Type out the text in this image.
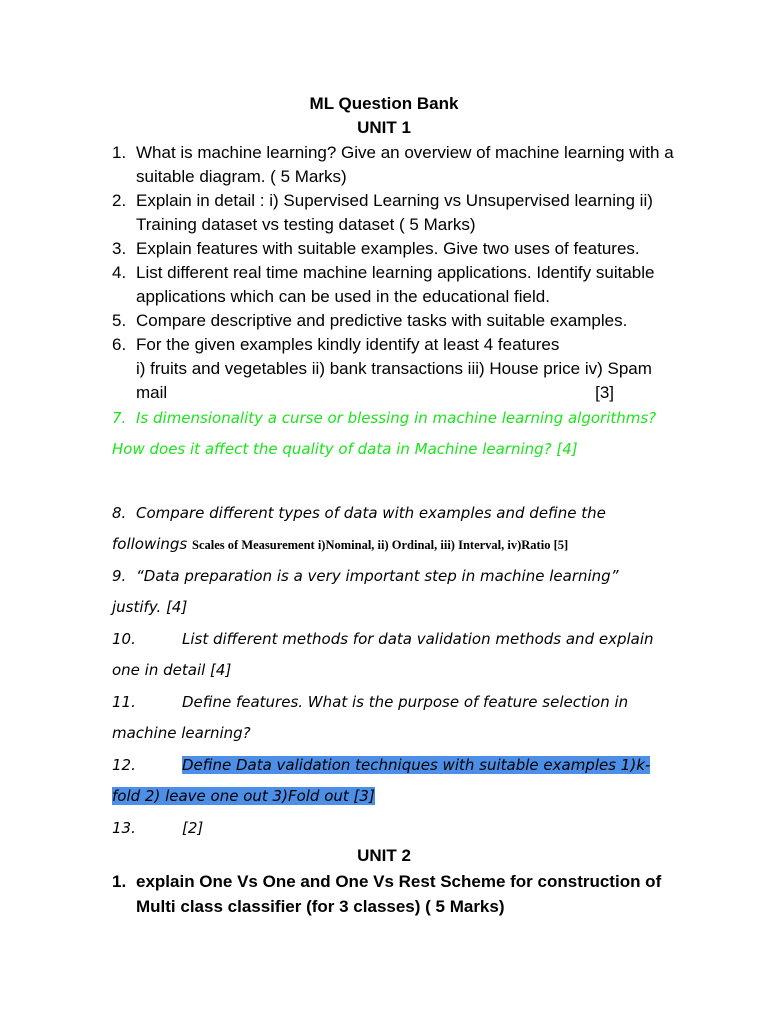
ML Question Bank
UNIT 1
1. What is machine learning? Give an overview of machine learning with a suitable diagram. ( 5 Marks)
2. Explain in detail : i) Supervised Learning vs Unsupervised learning ii) Training dataset vs testing dataset ( 5 Marks)
3. Explain features with suitable examples. Give two uses of features.
4. List different real time machine learning applications. Identify suitable applications which can be used in the educational field.
5. Compare descriptive and predictive tasks with suitable examples.
6. For the given examples kindly identify at least 4 features
i) fruits and vegetables ii) bank transactions iii) House price iv) Spam
mail	[3]
7. Is dimensionality a curse or blessing in machine learning algorithms?How does it affect the quality of data in Machine learning? [4]
8. Compare different types of data with examples and define the followings Scales of Measurement i)Nominal, ii) Ordinal, iii) Interval, iv)Ratio [5]
9. “Data preparation is a very important step in machine learning” justify. [4]
10.	List different methods for data validation methods and explain one in detail [4]
11.	Define features. What is the purpose of feature selection in machine learning?
12.	Define Data validation techniques with suitable examples 1)k-fold 2) leave one out 3)Fold out [3]
13.	[2]
UNIT 2
1. explain One Vs One and One Vs Rest Scheme for construction of Multi class classifier (for 3 classes) ( 5 Marks)
